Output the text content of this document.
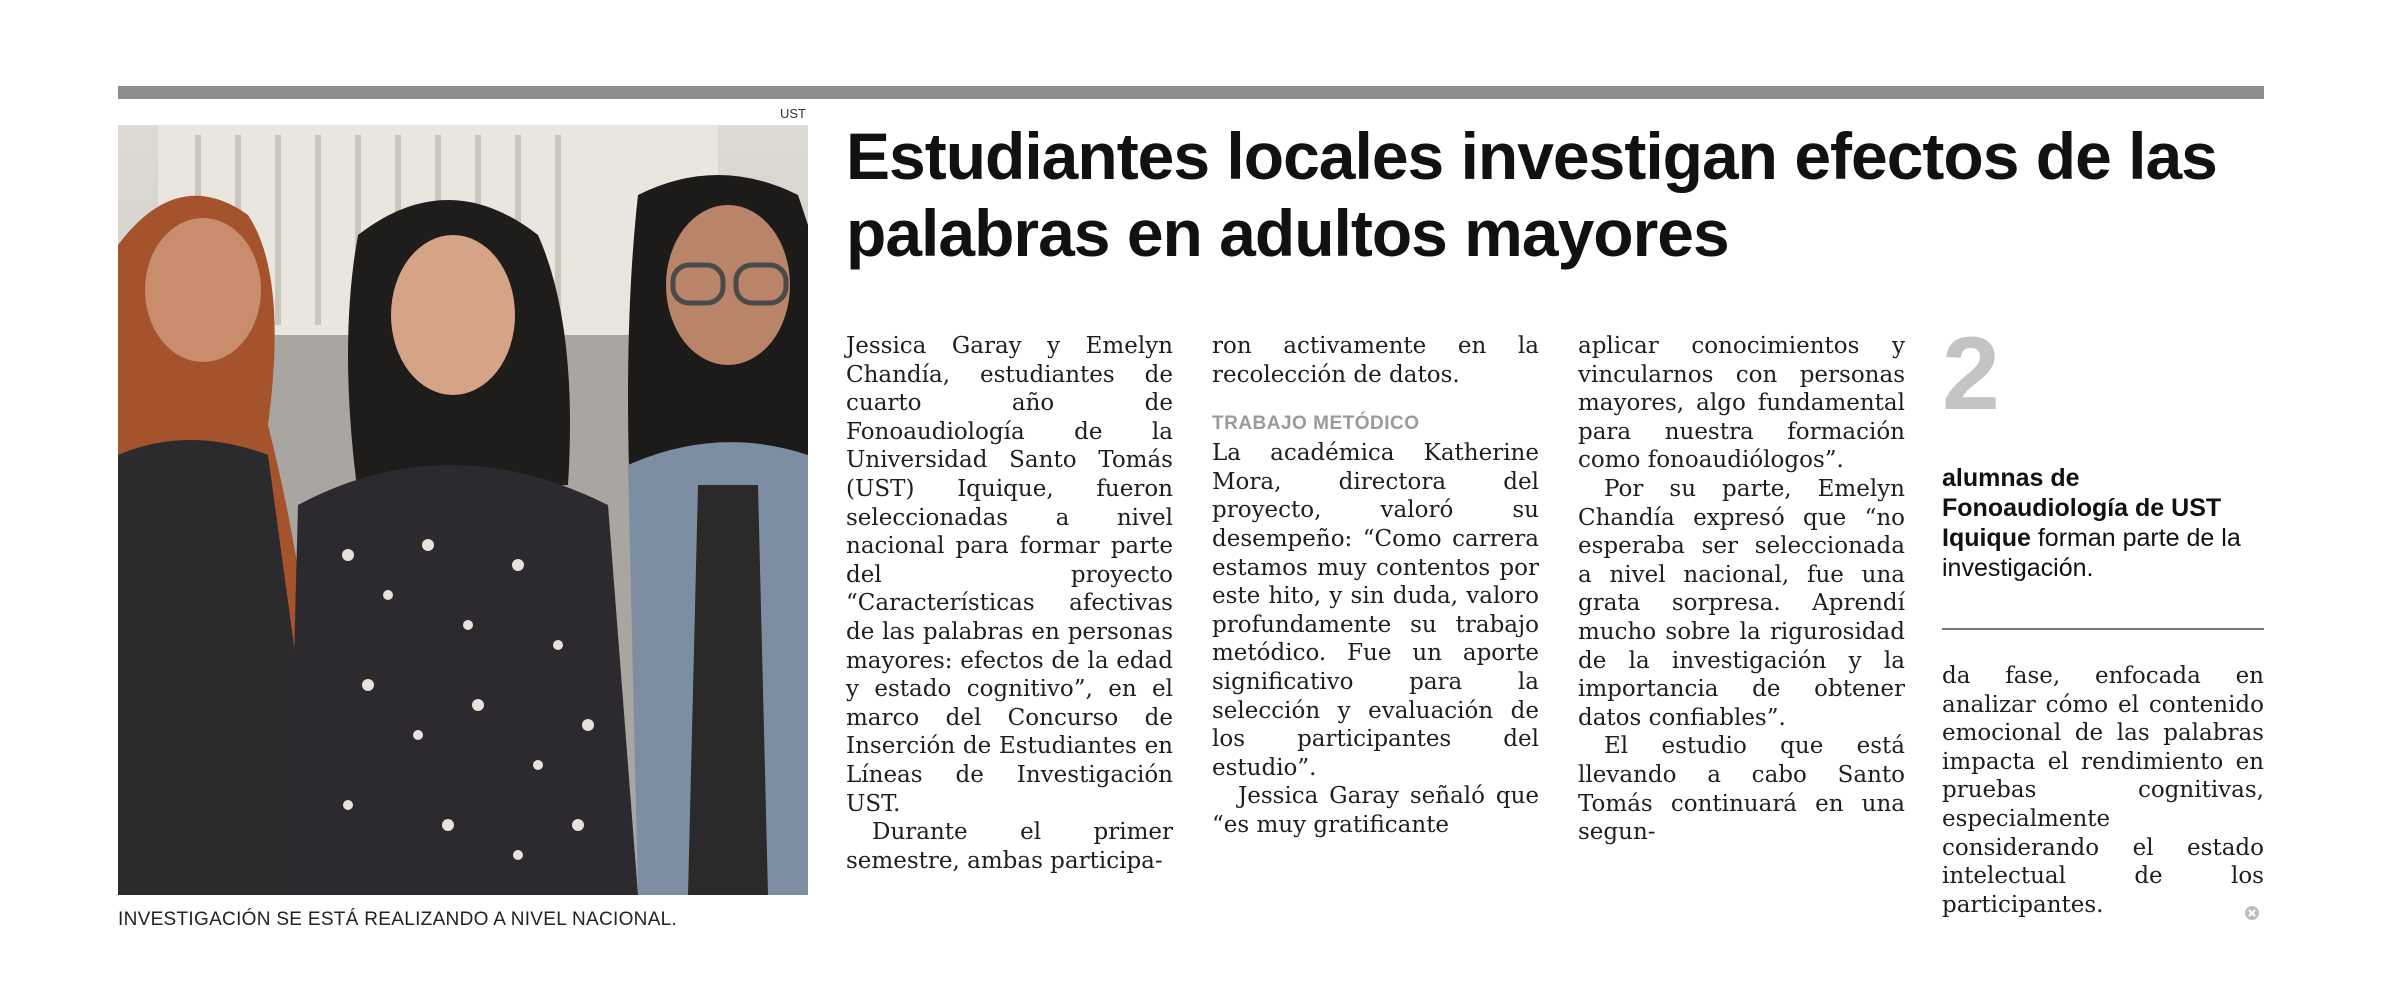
UST
INVESTIGACIÓN SE ESTÁ REALIZANDO A NIVEL NACIONAL.
Estudiantes locales investigan efectos de las palabras en adultos mayores

Jessica Garay y Emelyn Chandía, estudiantes de cuarto año de Fonoaudiología de la Universidad Santo Tomás (UST) Iquique, fueron seleccionadas a nivel nacional para formar parte del proyecto “Características afectivas de las palabras en personas mayores: efectos de la edad y estado cognitivo”, en el marco del Concurso de Inserción de Estudiantes en Líneas de Investigación UST.

Durante el primer semestre, ambas participa-

ron activamente en la recolección de datos.

TRABAJO METÓDICO

La académica Katherine Mora, directora del proyecto, valoró su desempeño: “Como carrera estamos muy contentos por este hito, y sin duda, valoro profundamente su trabajo metódico. Fue un aporte significativo para la selección y evaluación de los participantes del estudio”.

Jessica Garay señaló que “es muy gratificante

aplicar conocimientos y vincularnos con personas mayores, algo fundamental para nuestra formación como fonoaudiólogos”.

Por su parte, Emelyn Chandía expresó que “no esperaba ser seleccionada a nivel nacional, fue una grata sorpresa. Aprendí mucho sobre la rigurosidad de la investigación y la importancia de obtener datos confiables”.

El estudio que está llevando a cabo Santo Tomás continuará en una segun-

2
alumnas de Fonoaudiología de UST Iquique forman parte de la investigación.

da fase, enfocada en analizar cómo el contenido emocional de las palabras impacta el rendimiento en pruebas cognitivas, especialmente considerando el estado intelectual de los participantes.
